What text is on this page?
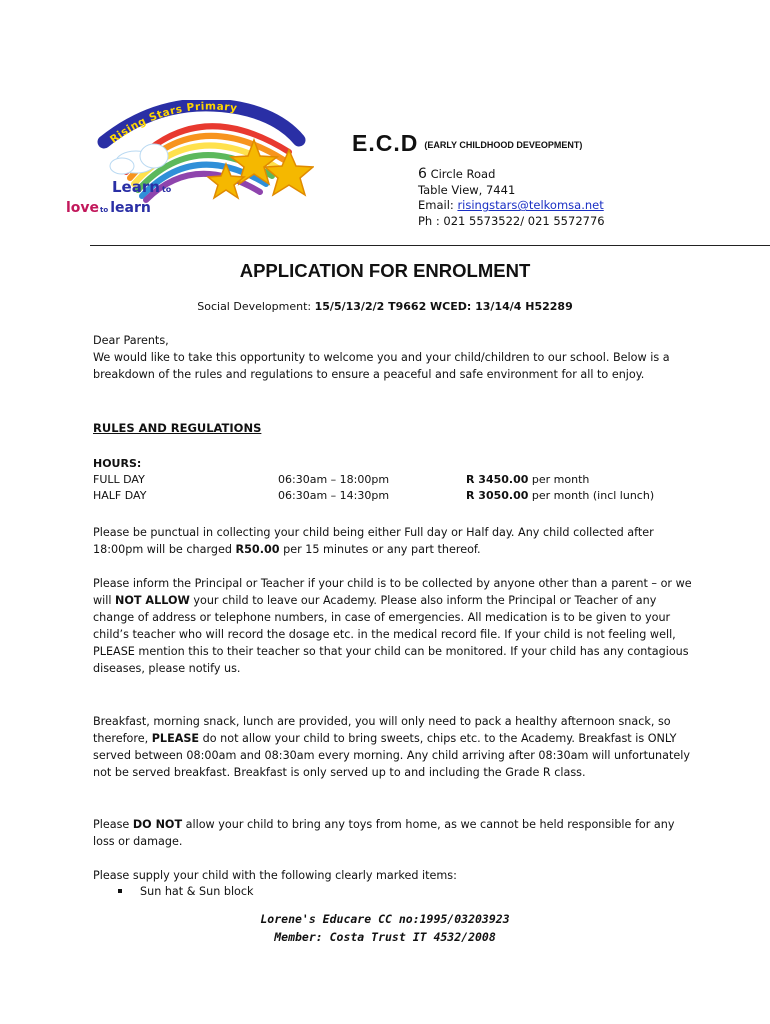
Rising Stars Primary
Learn to
loveto learn
E.C.D (EARLY CHILDHOOD DEVEOPMENT)
6 Circle Road
Table View, 7441
Email: risingstars@telkomsa.net
Ph : 021 5573522/ 021 5572776
APPLICATION FOR ENROLMENT
Social Development: 15/5/13/2/2 T9662 WCED: 13/14/4 H52289
Dear Parents,
We would like to take this opportunity to welcome you and your child/children to our school. Below is a breakdown of the rules and regulations to ensure a peaceful and safe environment for all to enjoy.
RULES AND REGULATIONS
HOURS:
FULL DAY	06:30am – 18:00pm	R 3450.00 per month
HALF DAY	06:30am – 14:30pm	R 3050.00 per month (incl lunch)
Please be punctual in collecting your child being either Full day or Half day. Any child collected after 18:00pm will be charged R50.00 per 15 minutes or any part thereof.
Please inform the Principal or Teacher if your child is to be collected by anyone other than a parent – or we will NOT ALLOW your child to leave our Academy. Please also inform the Principal or Teacher of any change of address or telephone numbers, in case of emergencies. All medication is to be given to your child’s teacher who will record the dosage etc. in the medical record file. If your child is not feeling well, PLEASE mention this to their teacher so that your child can be monitored. If your child has any contagious diseases, please notify us.
Breakfast, morning snack, lunch are provided, you will only need to pack a healthy afternoon snack, so therefore, PLEASE do not allow your child to bring sweets, chips etc. to the Academy. Breakfast is ONLY served between 08:00am and 08:30am every morning. Any child arriving after 08:30am will unfortunately not be served breakfast. Breakfast is only served up to and including the Grade R class.
Please DO NOT allow your child to bring any toys from home, as we cannot be held responsible for any loss or damage.
Please supply your child with the following clearly marked items:
Sun hat & Sun block
Lorene's Educare CC no:1995/03203923
Member: Costa Trust IT 4532/2008
